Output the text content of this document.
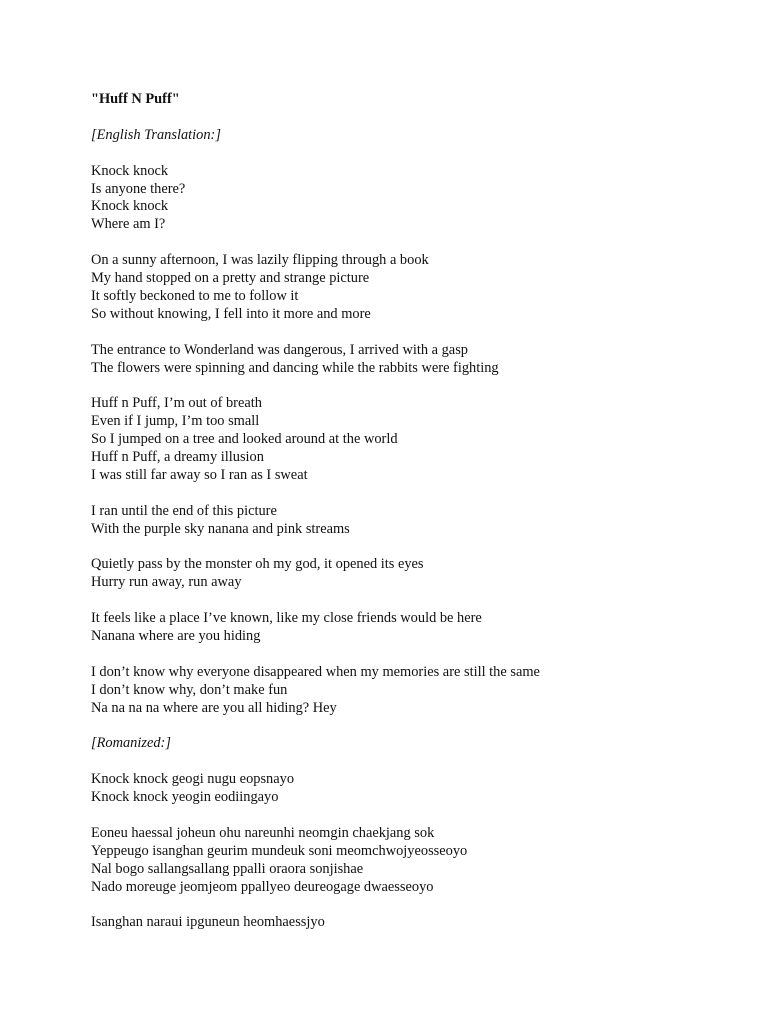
"Huff N Puff"
[English Translation:]
Knock knock
Is anyone there?
Knock knock
Where am I?
On a sunny afternoon, I was lazily flipping through a book
My hand stopped on a pretty and strange picture
It softly beckoned to me to follow it
So without knowing, I fell into it more and more
The entrance to Wonderland was dangerous, I arrived with a gasp
The flowers were spinning and dancing while the rabbits were fighting
Huff n Puff, I’m out of breath
Even if I jump, I’m too small
So I jumped on a tree and looked around at the world
Huff n Puff, a dreamy illusion
I was still far away so I ran as I sweat
I ran until the end of this picture
With the purple sky nanana and pink streams
Quietly pass by the monster oh my god, it opened its eyes
Hurry run away, run away
It feels like a place I’ve known, like my close friends would be here
Nanana where are you hiding
I don’t know why everyone disappeared when my memories are still the same
I don’t know why, don’t make fun
Na na na na where are you all hiding? Hey
[Romanized:]
Knock knock geogi nugu eopsnayo
Knock knock yeogin eodiingayo
Eoneu haessal joheun ohu nareunhi neomgin chaekjang sok
Yeppeugo isanghan geurim mundeuk soni meomchwojyeosseoyo
Nal bogo sallangsallang ppalli oraora sonjishae
Nado moreuge jeomjeom ppallyeo deureogage dwaesseoyo
Isanghan naraui ipguneun heomhaessjyo
